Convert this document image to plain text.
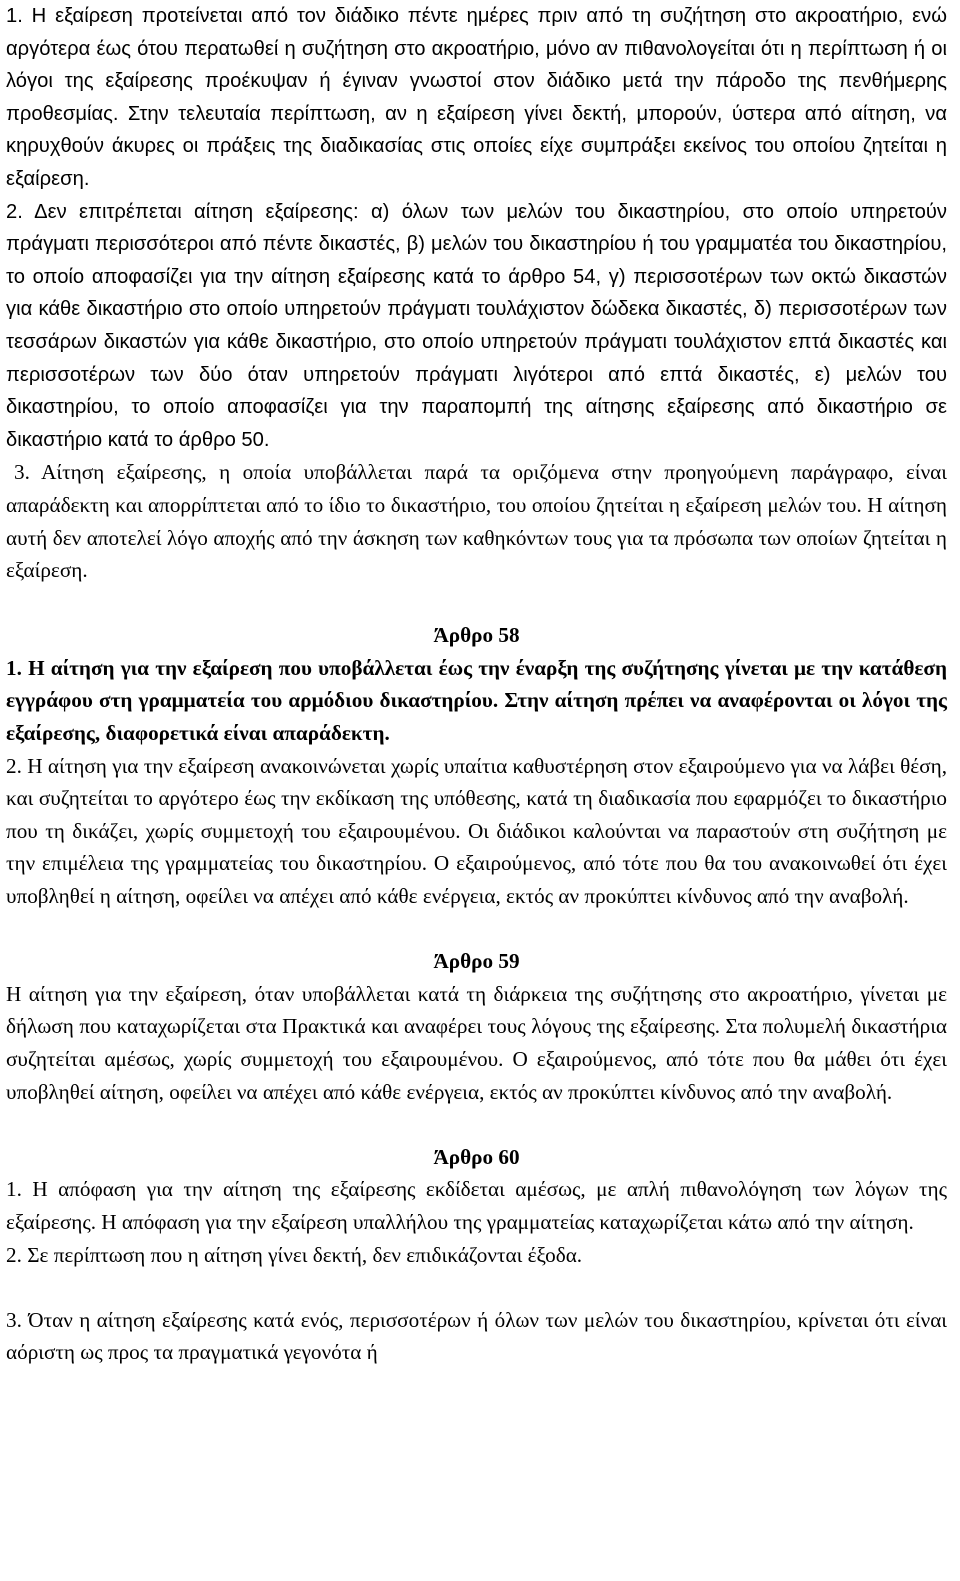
1. Η εξαίρεση προτείνεται από τον διάδικο πέντε ημέρες πριν από τη συζήτηση στο ακροατήριο, ενώ αργότερα έως ότου περατωθεί η συζήτηση στο ακροατήριο, μόνο αν πιθανολογείται ότι η περίπτωση ή οι λόγοι της εξαίρεσης προέκυψαν ή έγιναν γνωστοί στον διάδικο μετά την πάροδο της πενθήμερης προθεσμίας. Στην τελευταία περίπτωση, αν η εξαίρεση γίνει δεκτή, μπορούν, ύστερα από αίτηση, να κηρυχθούν άκυρες οι πράξεις της διαδικασίας στις οποίες είχε συμπράξει εκείνος του οποίου ζητείται η εξαίρεση.

2. Δεν επιτρέπεται αίτηση εξαίρεσης: α) όλων των μελών του δικαστηρίου, στο οποίο υπηρετούν πράγματι περισσότεροι από πέντε δικαστές, β) μελών του δικαστηρίου ή του γραμματέα του δικαστηρίου, το οποίο αποφασίζει για την αίτηση εξαίρεσης κατά το άρθρο 54, γ) περισσοτέρων των οκτώ δικαστών για κάθε δικαστήριο στο οποίο υπηρετούν πράγματι τουλάχιστον δώδεκα δικαστές, δ) περισσοτέρων των τεσσάρων δικαστών για κάθε δικαστήριο, στο οποίο υπηρετούν πράγματι τουλάχιστον επτά δικαστές και περισσοτέρων των δύο όταν υπηρετούν πράγματι λιγότεροι από επτά δικαστές, ε) μελών του δικαστηρίου, το οποίο αποφασίζει για την παραπομπή της αίτησης εξαίρεσης από δικαστήριο σε δικαστήριο κατά το άρθρο 50.

3. Αίτηση εξαίρεσης, η οποία υποβάλλεται παρά τα οριζόμενα στην προηγούμενη παράγραφο, είναι απαράδεκτη και απορρίπτεται από το ίδιο το δικαστήριο, του οποίου ζητείται η εξαίρεση μελών του. Η αίτηση αυτή δεν αποτελεί λόγο αποχής από την άσκηση των καθηκόντων τους για τα πρόσωπα των οποίων ζητείται η εξαίρεση.

Άρθρο 58

1. Η αίτηση για την εξαίρεση που υποβάλλεται έως την έναρξη της συζήτησης γίνεται με την κατάθεση εγγράφου στη γραμματεία του αρμόδιου δικαστηρίου. Στην αίτηση πρέπει να αναφέρονται οι λόγοι της εξαίρεσης, διαφορετικά είναι απαράδεκτη.

2. Η αίτηση για την εξαίρεση ανακοινώνεται χωρίς υπαίτια καθυστέρηση στον εξαιρούμενο για να λάβει θέση, και συζητείται το αργότερο έως την εκδίκαση της υπόθεσης, κατά τη διαδικασία που εφαρμόζει το δικαστήριο που τη δικάζει, χωρίς συμμετοχή του εξαιρουμένου. Οι διάδικοι καλούνται να παραστούν στη συζήτηση με την επιμέλεια της γραμματείας του δικαστηρίου. Ο εξαιρούμενος, από τότε που θα του ανακοινωθεί ότι έχει υποβληθεί η αίτηση, οφείλει να απέχει από κάθε ενέργεια, εκτός αν προκύπτει κίνδυνος από την αναβολή.

Άρθρο 59

Η αίτηση για την εξαίρεση, όταν υποβάλλεται κατά τη διάρκεια της συζήτησης στο ακροατήριο, γίνεται με δήλωση που καταχωρίζεται στα Πρακτικά και αναφέρει τους λόγους της εξαίρεσης. Στα πολυμελή δικαστήρια συζητείται αμέσως, χωρίς συμμετοχή του εξαιρουμένου. Ο εξαιρούμενος, από τότε που θα μάθει ότι έχει υποβληθεί αίτηση, οφείλει να απέχει από κάθε ενέργεια, εκτός αν προκύπτει κίνδυνος από την αναβολή.

Άρθρο 60

1. Η απόφαση για την αίτηση της εξαίρεσης εκδίδεται αμέσως, με απλή πιθανολόγηση των λόγων της εξαίρεσης. Η απόφαση για την εξαίρεση υπαλλήλου της γραμματείας καταχωρίζεται κάτω από την αίτηση.

2. Σε περίπτωση που η αίτηση γίνει δεκτή, δεν επιδικάζονται έξοδα.

3. Όταν η αίτηση εξαίρεσης κατά ενός, περισσοτέρων ή όλων των μελών του δικαστηρίου, κρίνεται ότι είναι αόριστη ως προς τα πραγματικά γεγονότα ή
